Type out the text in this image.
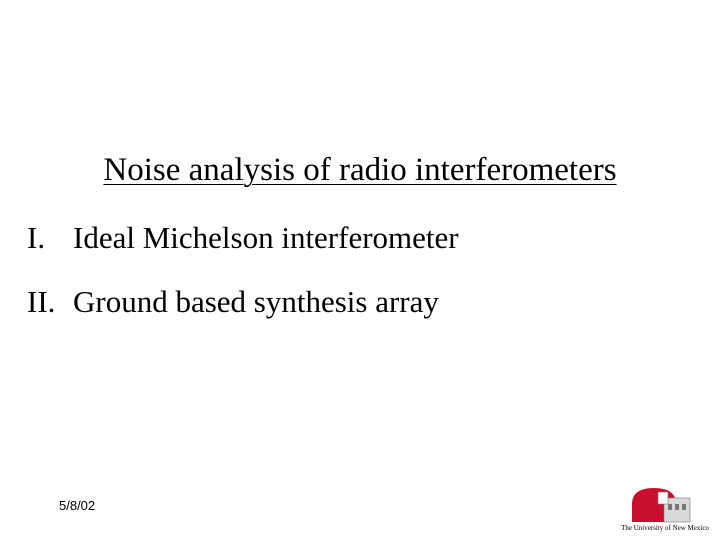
Noise analysis of radio interferometers
I. Ideal Michelson interferometer
II. Ground based synthesis array
5/8/02
The University of New Mexico
